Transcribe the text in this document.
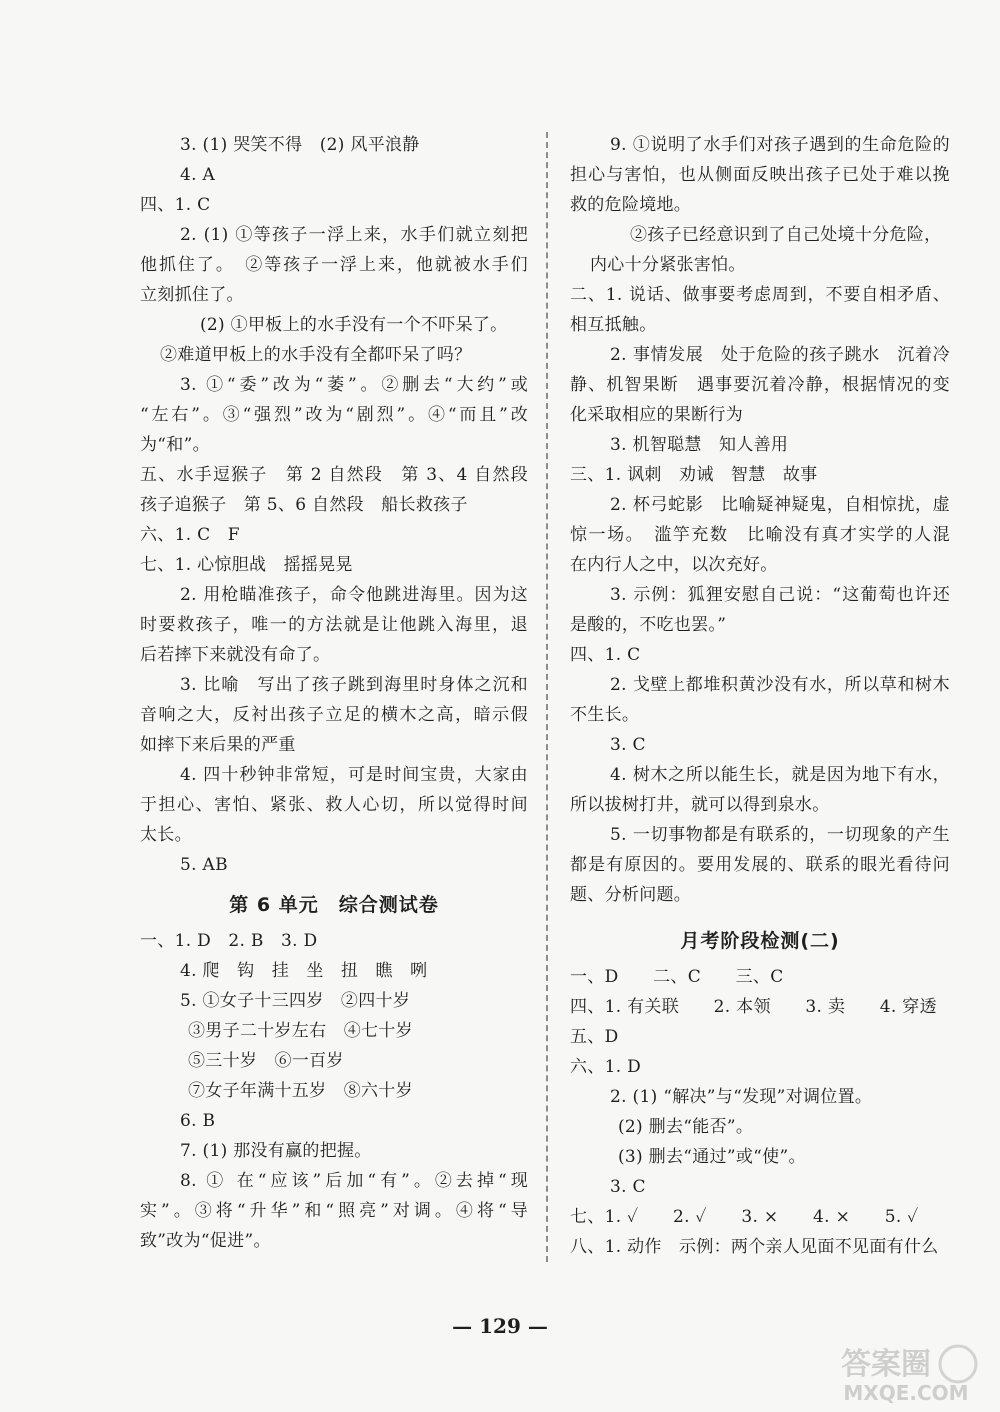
3. (1) 哭笑不得　(2) 风平浪静
4. A
四、1. C
2. (1) ①等孩子一浮上来，水手们就立刻把
他抓住了。　②等孩子一浮上来，他就被水手们
立刻抓住了。
(2) ①甲板上的水手没有一个不吓呆了。
②难道甲板上的水手没有全都吓呆了吗？
3. ①“委”改为“萎”。②删去“大约”或
“左右”。③“强烈”改为“剧烈”。④“而且”改
为“和”。
五、水手逗猴子　第 2 自然段　第 3、4 自然段
孩子追猴子　第 5、6 自然段　船长救孩子
六、1. C　F
七、1. 心惊胆战　摇摇晃晃
2. 用枪瞄准孩子，命令他跳进海里。因为这
时要救孩子，唯一的方法就是让他跳入海里，退
后若摔下来就没有命了。
3. 比喻　写出了孩子跳到海里时身体之沉和
音响之大，反衬出孩子立足的横木之高，暗示假
如摔下来后果的严重
4. 四十秒钟非常短，可是时间宝贵，大家由
于担心、害怕、紧张、救人心切，所以觉得时间
太长。
5. AB
第 6 单元　综合测试卷
一、1. D　2. B　3. D
4. 爬　钩　挂　坐　扭　瞧　咧
5. ①女子十三四岁　②四十岁
③男子二十岁左右　④七十岁
⑤三十岁　⑥一百岁
⑦女子年满十五岁　⑧六十岁
6. B
7. (1) 那没有赢的把握。
8. ① 在“应该”后加“有”。②去掉“现
实”。③将“升华”和“照亮”对调。④将“导
致”改为“促进”。
9. ①说明了水手们对孩子遇到的生命危险的
担心与害怕，也从侧面反映出孩子已处于难以挽
救的危险境地。
②孩子已经意识到了自己处境十分危险，
内心十分紧张害怕。
二、1. 说话、做事要考虑周到，不要自相矛盾、
相互抵触。
2. 事情发展　处于危险的孩子跳水　沉着冷
静、机智果断　遇事要沉着冷静，根据情况的变
化采取相应的果断行为
3. 机智聪慧　知人善用
三、1. 讽刺　劝诫　智慧　故事
2. 杯弓蛇影　比喻疑神疑鬼，自相惊扰，虚
惊一场。　滥竽充数　比喻没有真才实学的人混
在内行人之中，以次充好。
3. 示例：狐狸安慰自己说：“这葡萄也许还
是酸的，不吃也罢。”
四、1. C
2. 戈壁上都堆积黄沙没有水，所以草和树木
不生长。
3. C
4. 树木之所以能生长，就是因为地下有水，
所以拔树打井，就可以得到泉水。
5. 一切事物都是有联系的，一切现象的产生
都是有原因的。要用发展的、联系的眼光看待问
题、分析问题。
月考阶段检测(二)
一、D　　二、C　　三、C
四、1. 有关联　　2. 本领　　3. 卖　　4. 穿透
五、D
六、1. D
2. (1) “解决”与“发现”对调位置。
(2) 删去“能否”。
(3) 删去“通过”或“使”。
3. C
七、1. ✓　　2. ✓　　3. ×　　4. ×　　5. ✓
八、1. 动作　示例：两个亲人见面不见面有什么
— 129 —
答案圈
MXQE.COM
